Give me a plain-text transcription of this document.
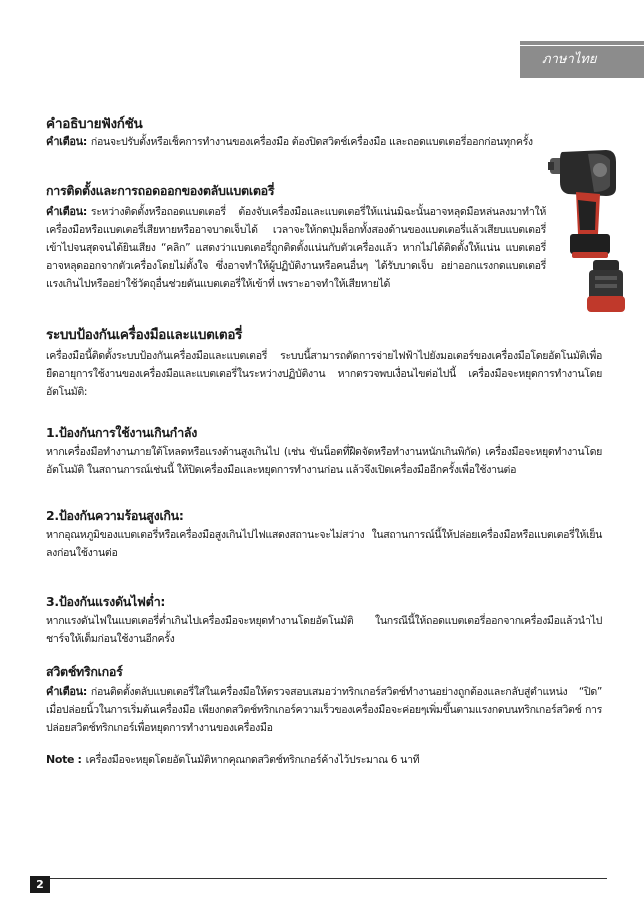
ภาษาไทย
คำอธิบายฟังก์ชัน
คำเตือน: ก่อนจะปรับตั้งหรือเช็คการทำงานของเครื่องมือ ต้องปิดสวิตช์เครื่องมือ และถอดแบตเตอรี่ออกก่อนทุกครั้ง
การติดตั้งและการถอดออกของตลับแบตเตอรี่
คำเตือน: ระหว่างติดตั้งหรือถอดแบตเตอรี่ ต้องจับเครื่องมือและแบตเตอรี่ให้แน่นมิฉะนั้นอาจหลุดมือหล่นลงมาทำให้เครื่องมือหรือแบตเตอรี่เสียหายหรืออาจบาดเจ็บได้ เวลาจะให้กดปุ่มล็อกทั้งสองด้านของแบตเตอรี่แล้วเสียบแบตเตอรี่เข้าไปจนสุดจนได้ยินเสียง “คลิก” แสดงว่าแบตเตอรี่ถูกติดตั้งแน่นกับตัวเครื่องแล้ว หากไม่ได้ติดตั้งให้แน่น แบตเตอรี่อาจหลุดออกจากตัวเครื่องโดยไม่ตั้งใจ ซึ่งอาจทำให้ผู้ปฏิบัติงานหรือคนอื่นๆ ได้รับบาดเจ็บ อย่าออกแรงกดแบตเตอรี่แรงเกินไปหรืออย่าใช้วัตถุอื่นช่วยดันแบตเตอรี่ให้เข้าที่ เพราะอาจทำให้เสียหายได้
ระบบป้องกันเครื่องมือและแบตเตอรี่
เครื่องมือนี้ติดตั้งระบบป้องกันเครื่องมือและแบตเตอรี่ ระบบนี้สามารถตัดการจ่ายไฟฟ้าไปยังมอเตอร์ของเครื่องมือโดยอัตโนมัติเพื่อยืดอายุการใช้งานของเครื่องมือและแบตเตอรี่ในระหว่างปฏิบัติงาน หากตรวจพบเงื่อนไขต่อไปนี้ เครื่องมือจะหยุดการทำงานโดยอัตโนมัติ:
1.ป้องกันการใช้งานเกินกำลัง
หากเครื่องมือทำงานภายใต้โหลดหรือแรงต้านสูงเกินไป (เช่น ขันน็อตที่ฝืดจัดหรือทำงานหนักเกินพิกัด) เครื่องมือจะหยุดทำงานโดยอัตโนมัติ ในสถานการณ์เช่นนี้ ให้ปิดเครื่องมือและหยุดการทำงานก่อน แล้วจึงเปิดเครื่องมืออีกครั้งเพื่อใช้งานต่อ
2.ป้องกันความร้อนสูงเกิน:
หากอุณหภูมิของแบตเตอรี่หรือเครื่องมือสูงเกินไปไฟแสดงสถานะจะไม่สว่าง ในสถานการณ์นี้ให้ปล่อยเครื่องมือหรือแบตเตอรี่ให้เย็นลงก่อนใช้งานต่อ
3.ป้องกันแรงดันไฟต่ำ:
หากแรงดันไฟในแบตเตอรี่ต่ำเกินไปเครื่องมือจะหยุดทำงานโดยอัตโนมัติ ในกรณีนี้ให้ถอดแบตเตอรี่ออกจากเครื่องมือแล้วนำไปชาร์จให้เต็มก่อนใช้งานอีกครั้ง
สวิตช์ทริกเกอร์
คำเตือน: ก่อนติดตั้งตลับแบตเตอรี่ใส่ในเครื่องมือให้ตรวจสอบเสมอว่าทริกเกอร์สวิตช์ทำงานอย่างถูกต้องและกลับสู่ตำแหน่ง “ปิด” เมื่อปล่อยนิ้วในการเริ่มต้นเครื่องมือ เพียงกดสวิตช์ทริกเกอร์ความเร็วของเครื่องมือจะค่อยๆเพิ่มขึ้นตามแรงกดบนทริกเกอร์สวิตช์ การปล่อยสวิตช์ทริกเกอร์เพื่อหยุดการทำงานของเครื่องมือ
Note : เครื่องมือจะหยุดโดยอัตโนมัติหากคุณกดสวิตช์ทริกเกอร์ค้างไว้ประมาณ 6 นาที
2
